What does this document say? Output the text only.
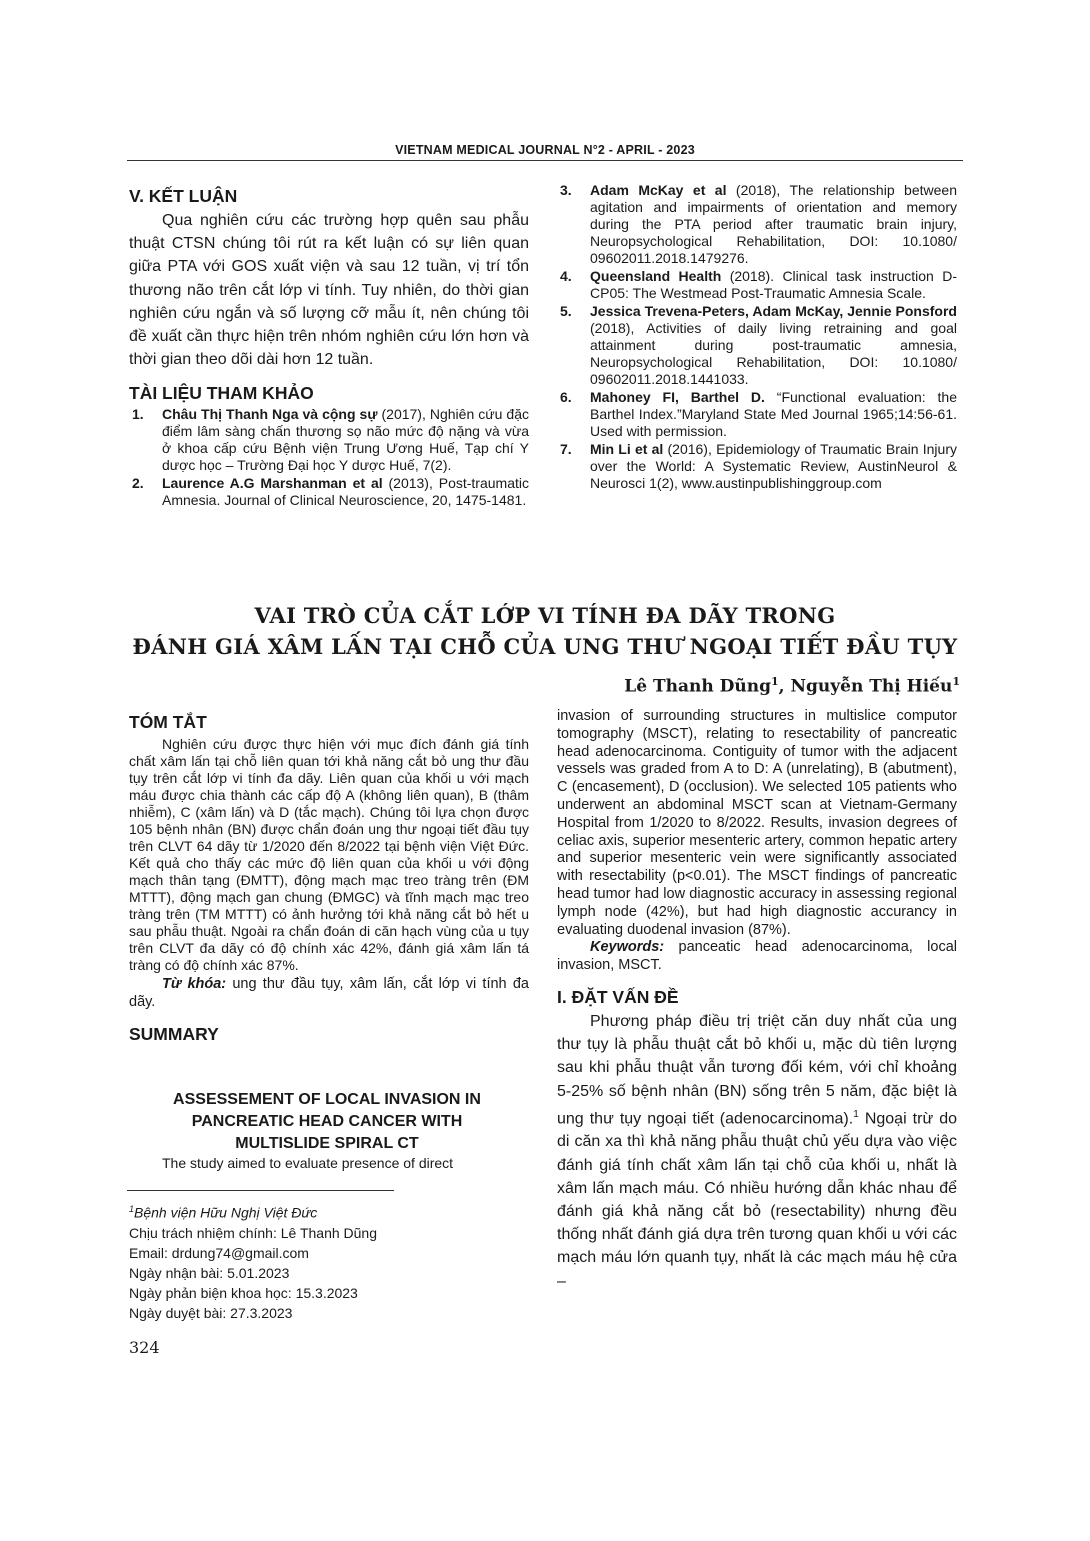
VIETNAM MEDICAL JOURNAL N°2 - APRIL - 2023
V. KẾT LUẬN

Qua nghiên cứu các trường hợp quên sau phẫu thuật CTSN chúng tôi rút ra kết luận có sự liên quan giữa PTA với GOS xuất viện và sau 12 tuần, vị trí tổn thương não trên cắt lớp vi tính. Tuy nhiên, do thời gian nghiên cứu ngắn và số lượng cỡ mẫu ít, nên chúng tôi đề xuất cần thực hiện trên nhóm nghiên cứu lớn hơn và thời gian theo dõi dài hơn 12 tuần.

TÀI LIỆU THAM KHẢO
1. Châu Thị Thanh Nga và cộng sự (2017), Nghiên cứu đặc điểm lâm sàng chấn thương sọ não mức độ nặng và vừa ở khoa cấp cứu Bệnh viện Trung Ương Huế, Tạp chí Y dược học – Trường Đại học Y dược Huế, 7(2).
2. Laurence A.G Marshanman et al (2013), Post-traumatic Amnesia. Journal of Clinical Neuroscience, 20, 1475-1481.
3. Adam McKay et al (2018), The relationship between agitation and impairments of orientation and memory during the PTA period after traumatic brain injury, Neuropsychological Rehabilitation, DOI: 10.1080/ 09602011.2018.1479276.
4. Queensland Health (2018). Clinical task instruction D-CP05: The Westmead Post-Traumatic Amnesia Scale.
5. Jessica Trevena-Peters, Adam McKay, Jennie Ponsford (2018), Activities of daily living retraining and goal attainment during post-traumatic amnesia, Neuropsychological Rehabilitation, DOI: 10.1080/ 09602011.2018.1441033.
6. Mahoney FI, Barthel D. “Functional evaluation: the Barthel Index.”Maryland State Med Journal 1965;14:56-61. Used with permission.
7. Min Li et al (2016), Epidemiology of Traumatic Brain Injury over the World: A Systematic Review, AustinNeurol & Neurosci 1(2), www.austinpublishinggroup.com
VAI TRÒ CỦA CẮT LỚP VI TÍNH ĐA DÃY TRONG
ĐÁNH GIÁ XÂM LẤN TẠI CHỖ CỦA UNG THƯ NGOẠI TIẾT ĐẦU TỤY
Lê Thanh Dũng$^1$, Nguyễn Thị Hiếu$^1$
TÓM TẮT

Nghiên cứu được thực hiện với mục đích đánh giá tính chất xâm lấn tại chỗ liên quan tới khả năng cắt bỏ ung thư đầu tụy trên cắt lớp vi tính đa dãy. Liên quan của khối u với mạch máu được chia thành các cấp độ A (không liên quan), B (thâm nhiễm), C (xâm lấn) và D (tắc mạch). Chúng tôi lựa chọn được 105 bệnh nhân (BN) được chẩn đoán ung thư ngoại tiết đầu tụy trên CLVT 64 dãy từ 1/2020 đến 8/2022 tại bệnh viện Việt Đức. Kết quả cho thấy các mức độ liên quan của khối u với động mạch thân tạng (ĐMTT), động mạch mạc treo tràng trên (ĐM MTTT), động mạch gan chung (ĐMGC) và tĩnh mạch mạc treo tràng trên (TM MTTT) có ảnh hưởng tới khả năng cắt bỏ hết u sau phẫu thuật. Ngoài ra chẩn đoán di căn hạch vùng của u tụy trên CLVT đa dãy có độ chính xác 42%, đánh giá xâm lấn tá tràng có độ chính xác 87%.

Từ khóa: ung thư đầu tụy, xâm lấn, cắt lớp vi tính đa dãy.

SUMMARY
ASSESSEMENT OF LOCAL INVASION IN
PANCREATIC HEAD CANCER WITH
MULTISLIDE SPIRAL CT
The study aimed to evaluate presence of direct
$^1$Bệnh viện Hữu Nghị Việt Đức
Chịu trách nhiệm chính: Lê Thanh Dũng
Email: drdung74@gmail.com
Ngày nhận bài: 5.01.2023
Ngày phản biện khoa học: 15.3.2023
Ngày duyệt bài: 27.3.2023
324

invasion of surrounding structures in multislice computor tomography (MSCT), relating to resectability of pancreatic head adenocarcinoma. Contiguity of tumor with the adjacent vessels was graded from A to D: A (unrelating), B (abutment), C (encasement), D (occlusion). We selected 105 patients who underwent an abdominal MSCT scan at Vietnam-Germany Hospital from 1/2020 to 8/2022. Results, invasion degrees of celiac axis, superior mesenteric artery, common hepatic artery and superior mesenteric vein were significantly associated with resectability (p<0.01). The MSCT findings of pancreatic head tumor had low diagnostic accuracy in assessing regional lymph node (42%), but had high diagnostic accurancy in evaluating duodenal invasion (87%).

Keywords: panceatic head adenocarcinoma, local invasion, MSCT.

I. ĐẶT VẤN ĐỀ

Phương pháp điều trị triệt căn duy nhất của ung thư tụy là phẫu thuật cắt bỏ khối u, mặc dù tiên lượng sau khi phẫu thuật vẫn tương đối kém, với chỉ khoảng 5-25% số bệnh nhân (BN) sống trên 5 năm, đặc biệt là ung thư tụy ngoại tiết (adenocarcinoma).$^1$ Ngoại trừ do di căn xa thì khả năng phẫu thuật chủ yếu dựa vào việc đánh giá tính chất xâm lấn tại chỗ của khối u, nhất là xâm lấn mạch máu. Có nhiều hướng dẫn khác nhau để đánh giá khả năng cắt bỏ (resectability) nhưng đều thống nhất đánh giá dựa trên tương quan khối u với các mạch máu lớn quanh tụy, nhất là các mạch máu hệ cửa –
